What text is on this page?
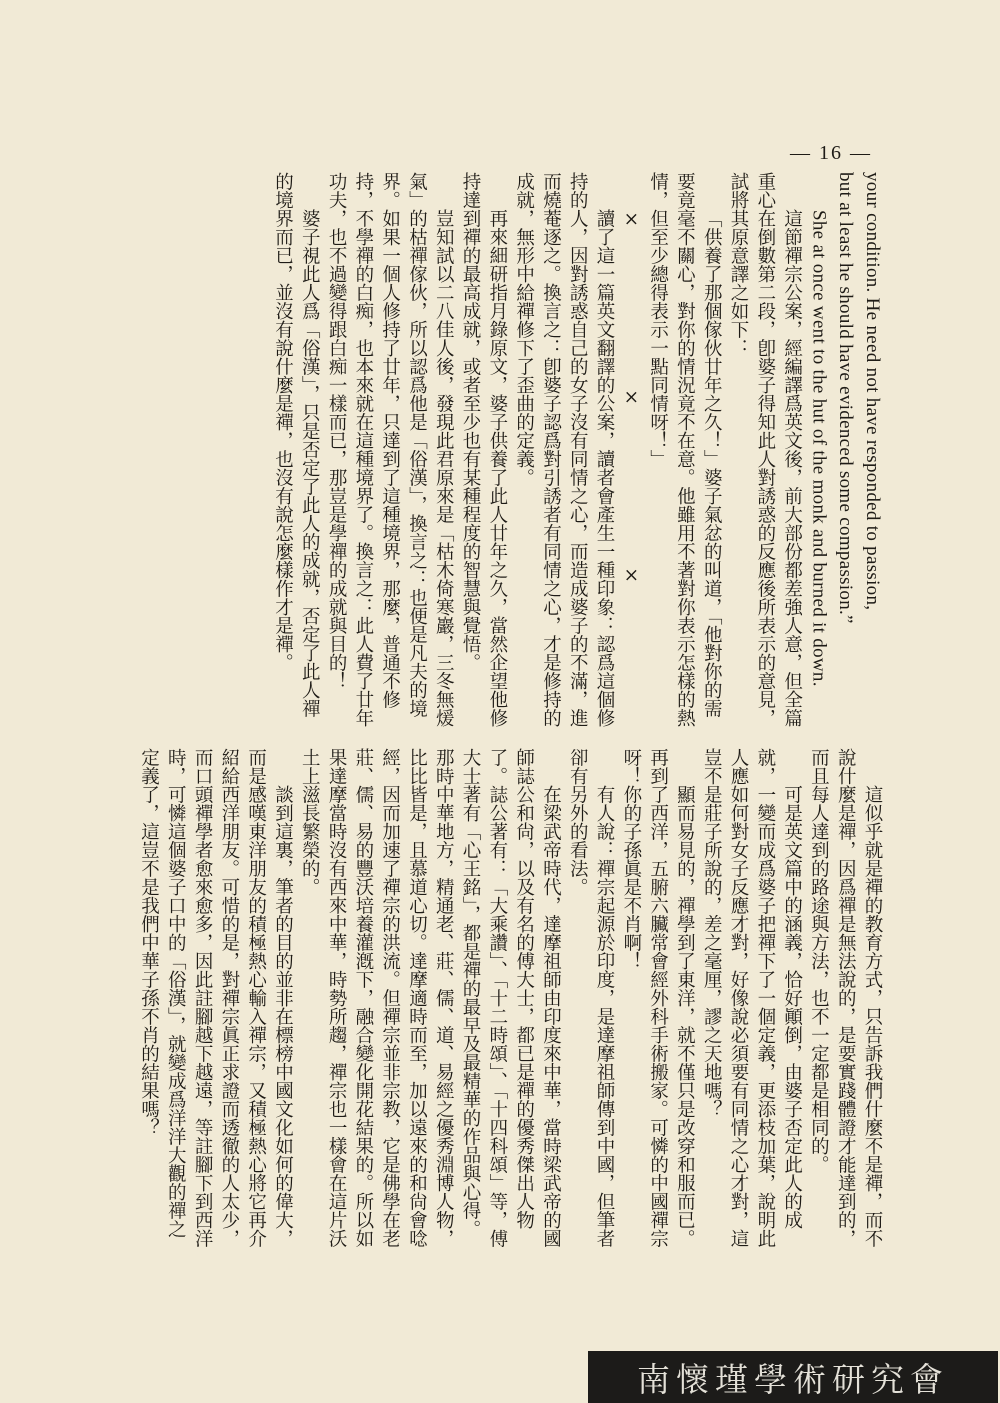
— 16 —

your condition. He need not have responded to passion,

but at least he should have evidenced some compassion.”

She at once went to the hut of the monk and burned it down.

這節禪宗公案，經編譯爲英文後，前大部份都差強人意，但全篇重心在倒數第二段，卽婆子得知此人對誘惑的反應後所表示的意見，試將其原意譯之如下：

「供養了那個傢伙廿年之久！」婆子氣忿的叫道，「他對你的需要竟毫不關心，對你的情況竟不在意。他雖用不著對你表示怎樣的熱情，但至少總得表示一點同情呀！」

×　　×　　×

讀了這一篇英文翻譯的公案，讀者會產生一種印象：認爲這個修持的人，因對誘惑自己的女子沒有同情之心，而造成婆子的不滿，進而燒菴逐之。換言之：卽婆子認爲對引誘者有同情之心，才是修持的成就，無形中給禪修下了歪曲的定義。

再來細研指月錄原文，婆子供養了此人廿年之久，當然企望他修持達到禪的最高成就，或者至少也有某種程度的智慧與覺悟。

豈知試以二八佳人後，發現此君原來是「枯木倚寒巖，三冬無煖氣」的枯禪傢伙，所以認爲他是「俗漢」，換言之：也便是凡夫的境界。如果一個人修持了廿年，只達到了這種境界，那麼，普通不修持，不學禪的白痴，也本來就在這種境界了。換言之：此人費了廿年功夫，也不過變得跟白痴一樣而已，那豈是學禪的成就與目的！

婆子視此人爲「俗漢」，只是否定了此人的成就，否定了此人禪的境界而已，並沒有說什麼是禪，也沒有說怎麼樣作才是禪。

這似乎就是禪的教育方式，只告訴我們什麼不是禪，而不說什麼是禪，因爲禪是無法說的，是要實踐體證才能達到的，而且每人達到的路途與方法，也不一定都是相同的。

可是英文篇中的涵義，恰好顚倒，由婆子否定此人的成就，一變而成爲婆子把禪下了一個定義，更添枝加葉，說明此人應如何對女子反應才對，好像說必須要有同情之心才對，這豈不是莊子所說的，差之毫厘，謬之天地嗎？

顯而易見的，禪學到了東洋，就不僅只是改穿和服而已。再到了西洋，五腑六臟常會經外科手術搬家。可憐的中國禪宗呀！你的子孫眞是不肖啊！

有人說：禪宗起源於印度，是達摩祖師傳到中國，但筆者卻有另外的看法。

在梁武帝時代，達摩祖師由印度來中華，當時梁武帝的國師誌公和尙，以及有名的傅大士，都已是禪的優秀傑出人物了。誌公著有：「大乘讚」、「十二時頌」、「十四科頌」等，傅大士著有「心王銘」，都是禪的最早及最精華的作品與心得。那時中華地方，精通老、莊、儒、道、易經之優秀淵博人物，比比皆是，且慕道心切。達摩適時而至，加以遠來的和尙會唸經，因而加速了禪宗的洪流。但禪宗並非宗教，它是佛學在老莊、儒、易的豐沃培養灌漑下，融合變化開花結果的。所以如果達摩當時沒有西來中華，時勢所趨，禪宗也一樣會在這片沃土上滋長繁榮的。

談到這裏，筆者的目的並非在標榜中國文化如何的偉大，而是感嘆東洋朋友的積極熱心輸入禪宗，又積極熱心將它再介紹給西洋朋友。可惜的是，對禪宗眞正求證而透徹的人太少，而口頭禪學者愈來愈多，因此註腳越下越遠，等註腳下到西洋時，可憐這個婆子口中的「俗漢」，就變成爲洋洋大觀的禪之定義了，這豈不是我們中華子孫不肖的結果嗎？

南懷瑾學術研究會
